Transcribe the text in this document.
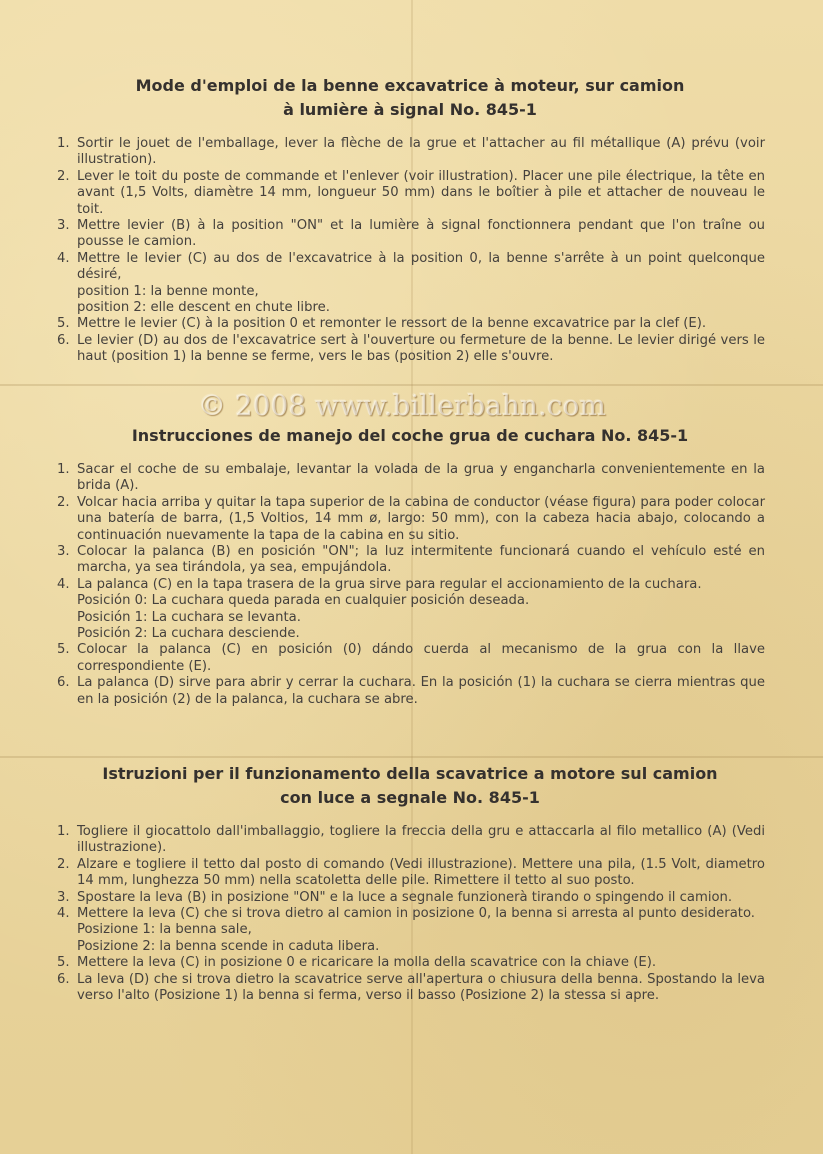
Mode d'emploi de la benne excavatrice à moteur, sur camion
à lumière à signal No. 845-1
1. Sortir le jouet de l'emballage, lever la flèche de la grue et l'attacher au fil métallique (A) prévu (voir illustration).
2. Lever le toit du poste de commande et l'enlever (voir illustration). Placer une pile électrique, la tête en avant (1,5 Volts, diamètre 14 mm, longueur 50 mm) dans le boîtier à pile et attacher de nouveau le toit.
3. Mettre levier (B) à la position "ON" et la lumière à signal fonctionnera pendant que l'on traîne ou pousse le camion.
4. Mettre le levier (C) au dos de l'excavatrice à la position 0, la benne s'arrête à un point quelconque désiré,
position 1: la benne monte,
position 2: elle descent en chute libre.
5. Mettre le levier (C) à la position 0 et remonter le ressort de la benne excavatrice par la clef (E).
6. Le levier (D) au dos de l'excavatrice sert à l'ouverture ou fermeture de la benne. Le levier dirigé vers le haut (position 1) la benne se ferme, vers le bas (position 2) elle s'ouvre.
© 2008 www.billerbahn.com
Instrucciones de manejo del coche grua de cuchara No. 845-1
1. Sacar el coche de su embalaje, levantar la volada de la grua y engancharla convenientemente en la brida (A).
2. Volcar hacia arriba y quitar la tapa superior de la cabina de conductor (véase figura) para poder colocar una batería de barra, (1,5 Voltios, 14 mm ø, largo: 50 mm), con la cabeza hacia abajo, colocando a continuación nuevamente la tapa de la cabina en su sitio.
3. Colocar la palanca (B) en posición "ON"; la luz intermitente funcionará cuando el vehículo esté en marcha, ya sea tirándola, ya sea, empujándola.
4. La palanca (C) en la tapa trasera de la grua sirve para regular el accionamiento de la cuchara.
Posición 0: La cuchara queda parada en cualquier posición deseada.
Posición 1: La cuchara se levanta.
Posición 2: La cuchara desciende.
5. Colocar la palanca (C) en posición (0) dándo cuerda al mecanismo de la grua con la llave correspondiente (E).
6. La palanca (D) sirve para abrir y cerrar la cuchara. En la posición (1) la cuchara se cierra mientras que en la posición (2) de la palanca, la cuchara se abre.
Istruzioni per il funzionamento della scavatrice a motore sul camion
con luce a segnale No. 845-1
1. Togliere il giocattolo dall'imballaggio, togliere la freccia della gru e attaccarla al filo metallico (A) (Vedi illustrazione).
2. Alzare e togliere il tetto dal posto di comando (Vedi illustrazione). Mettere una pila, (1.5 Volt, diametro 14 mm, lunghezza 50 mm) nella scatoletta delle pile. Rimettere il tetto al suo posto.
3. Spostare la leva (B) in posizione "ON" e la luce a segnale funzionerà tirando o spingendo il camion.
4. Mettere la leva (C) che si trova dietro al camion in posizione 0, la benna si arresta al punto desiderato.
Posizione 1: la benna sale,
Posizione 2: la benna scende in caduta libera.
5. Mettere la leva (C) in posizione 0 e ricaricare la molla della scavatrice con la chiave (E).
6. La leva (D) che si trova dietro la scavatrice serve all'apertura o chiusura della benna. Spostando la leva verso l'alto (Posizione 1) la benna si ferma, verso il basso (Posizione 2) la stessa si apre.
